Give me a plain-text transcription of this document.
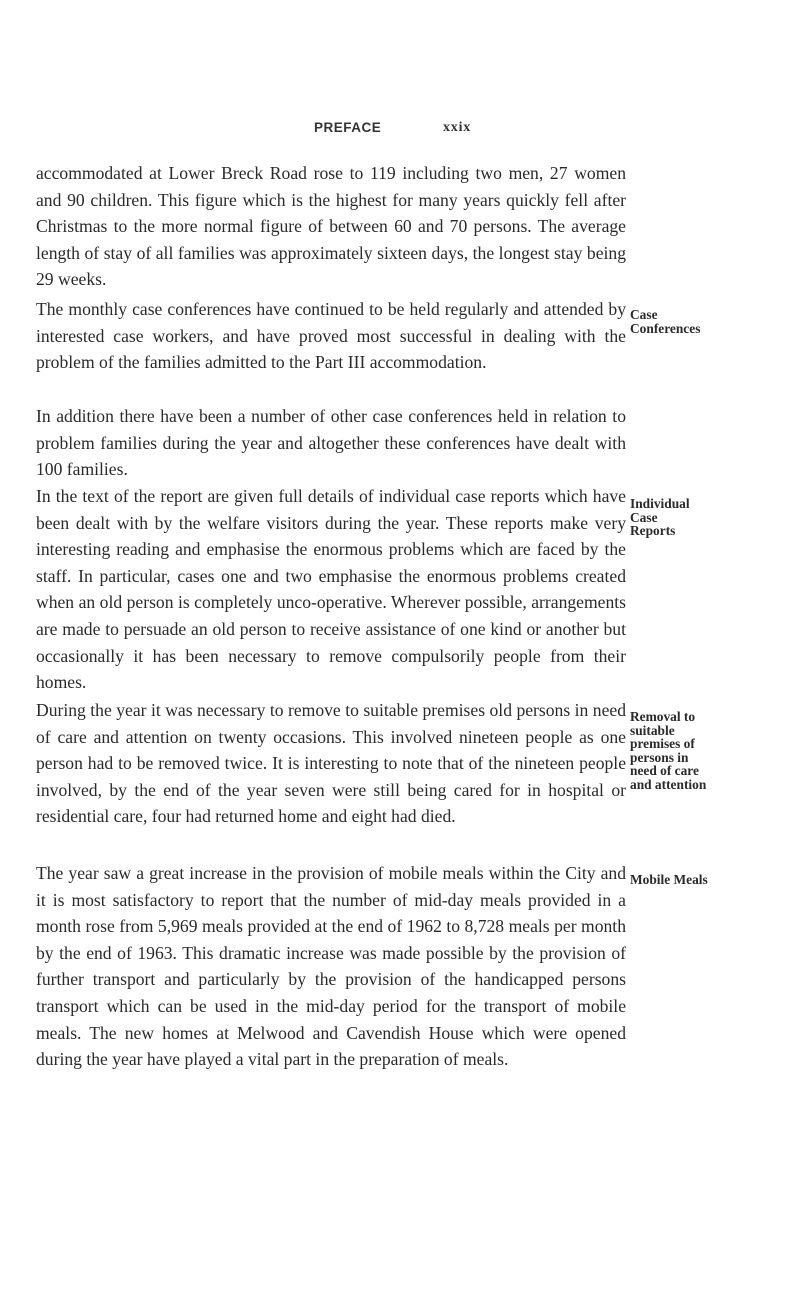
PREFACE	xxix

accommodated at Lower Breck Road rose to 119 including two men, 27 women and 90 children. This figure which is the highest for many years quickly fell after Christmas to the more normal figure of between 60 and 70 persons. The average length of stay of all families was approximately sixteen days, the longest stay being 29 weeks.

The monthly case conferences have continued to be held regularly and attended by interested case workers, and have proved most successful in dealing with the problem of the families admitted to the Part III accommodation.

In addition there have been a number of other case conferences held in relation to problem families during the year and altogether these conferences have dealt with 100 families.

In the text of the report are given full details of individual case reports which have been dealt with by the welfare visitors during the year. These reports make very interesting reading and emphasise the enormous problems which are faced by the staff. In particular, cases one and two emphasise the enormous problems created when an old person is completely unco-operative. Wherever possible, arrangements are made to persuade an old person to receive assistance of one kind or another but occasionally it has been necessary to remove compulsorily people from their homes.

During the year it was necessary to remove to suitable premises old persons in need of care and attention on twenty occasions. This involved nineteen people as one person had to be removed twice. It is interesting to note that of the nineteen people involved, by the end of the year seven were still being cared for in hospital or residential care, four had returned home and eight had died.

The year saw a great increase in the provision of mobile meals within the City and it is most satisfactory to report that the number of mid-day meals provided in a month rose from 5,969 meals provided at the end of 1962 to 8,728 meals per month by the end of 1963. This dramatic increase was made possible by the provision of further transport and particularly by the provision of the handicapped persons transport which can be used in the mid-day period for the transport of mobile meals. The new homes at Melwood and Cavendish House which were opened during the year have played a vital part in the preparation of meals.

Case
Conferences
Individual
Case
Reports
Removal to
suitable
premises of
persons in
need of care
and attention
Mobile Meals
